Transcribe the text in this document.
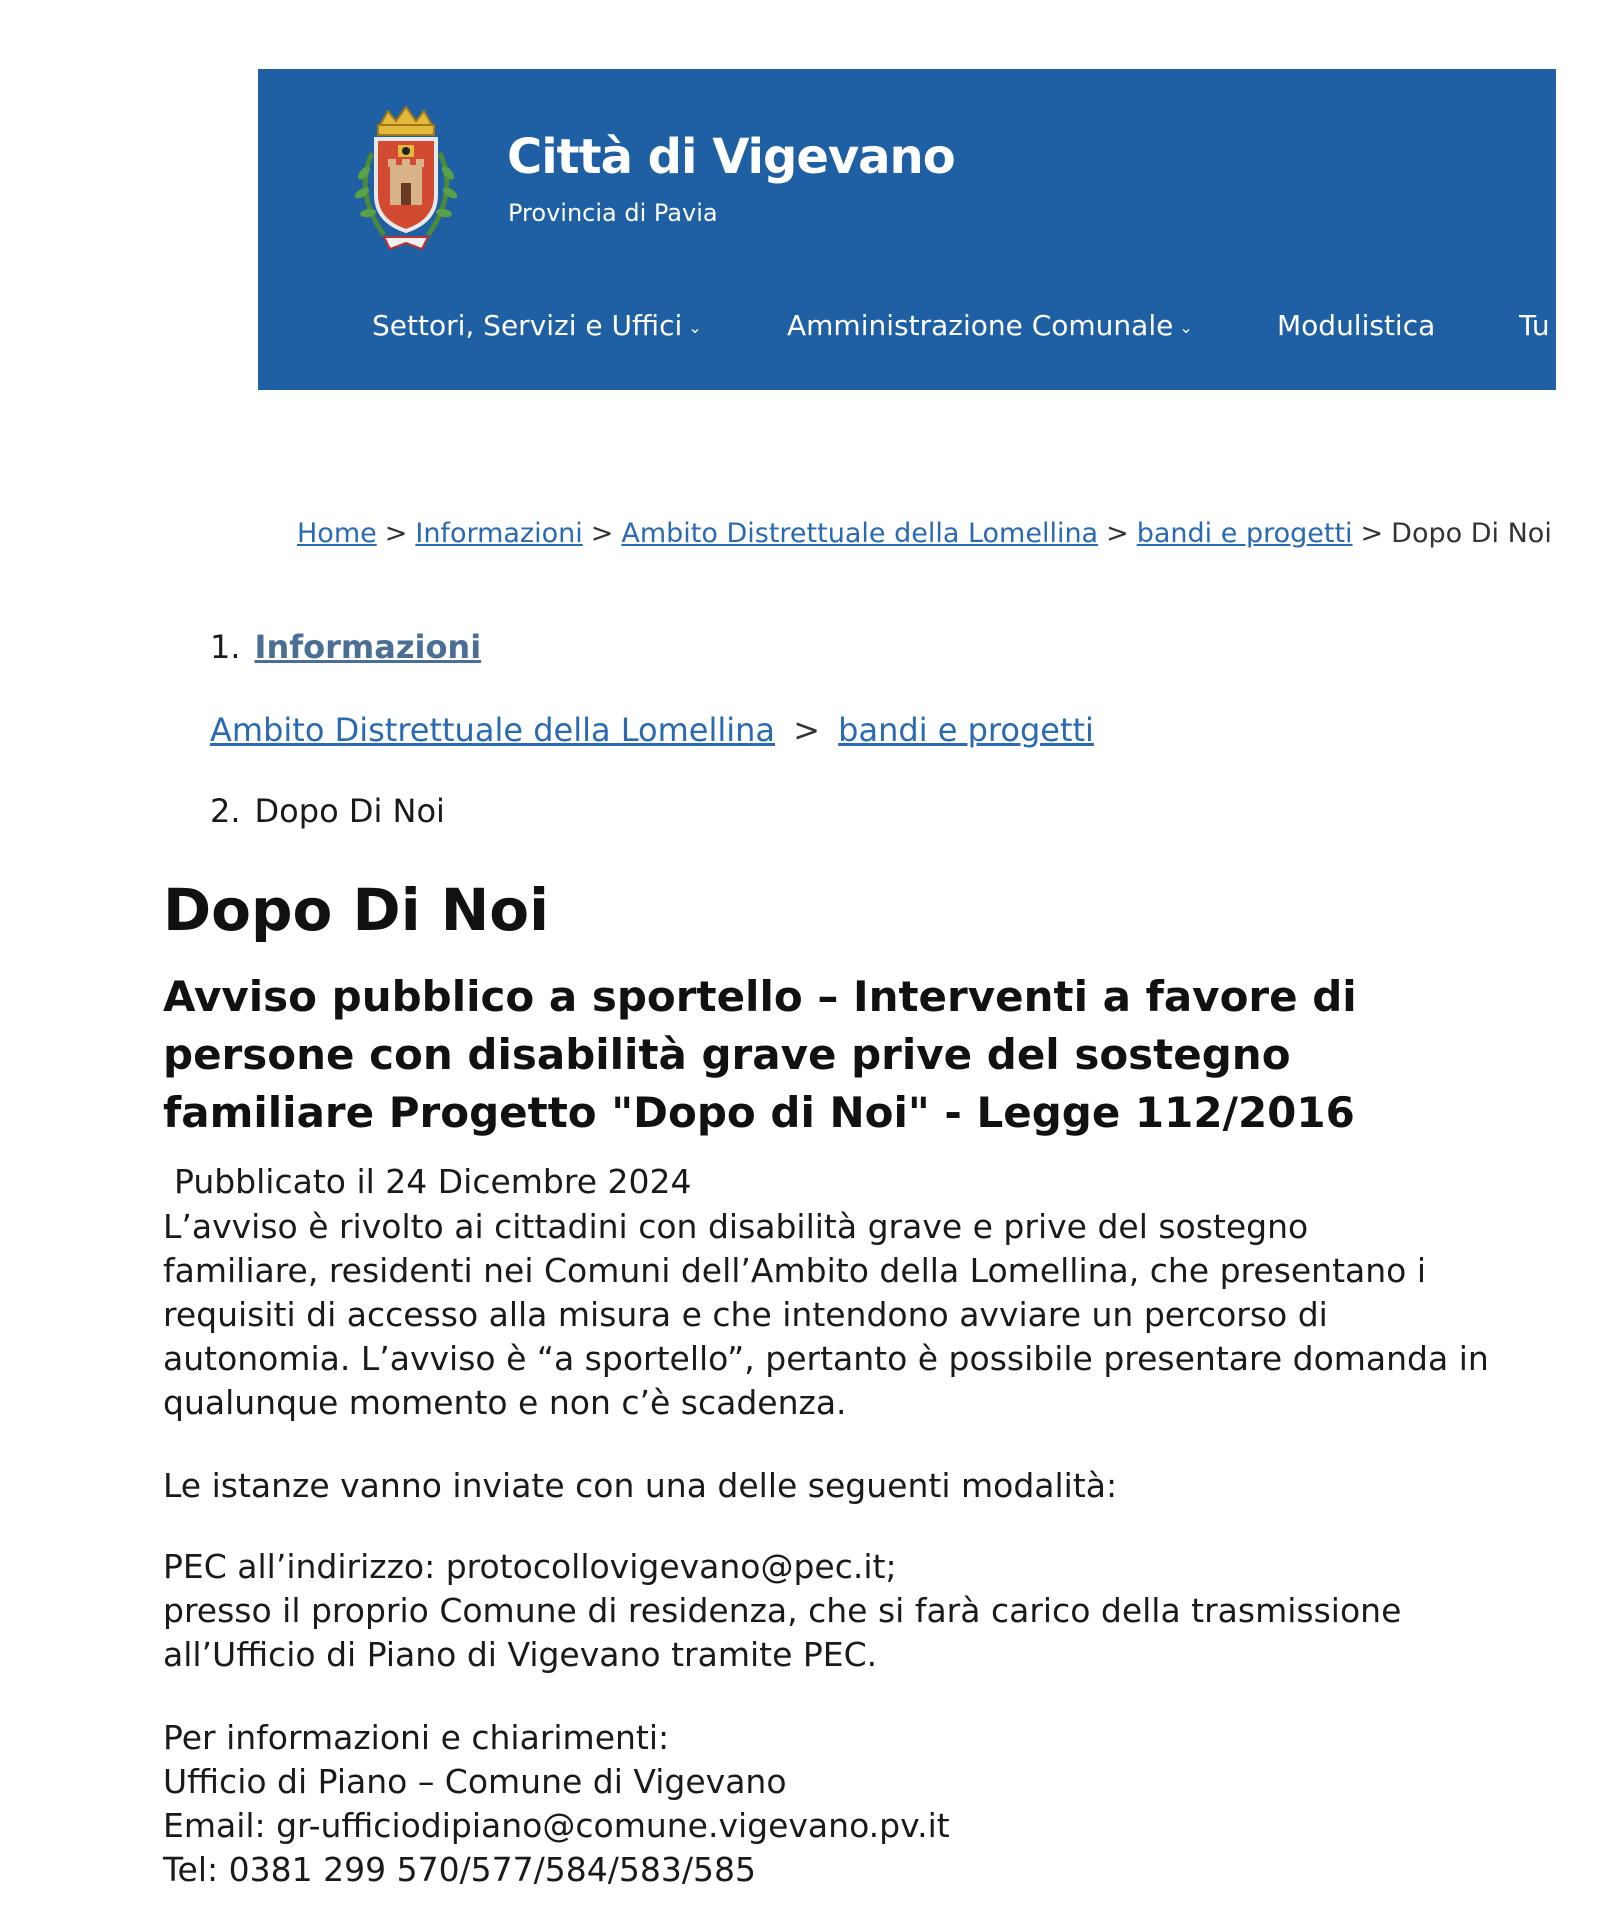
Città di Vigevano
Provincia di Pavia
Settori, Servizi e Uffici ⌄	Amministrazione Comunale ⌄	Modulistica	Tu
Home > Informazioni > Ambito Distrettuale della Lomellina > bandi e progetti > Dopo Di Noi
1. Informazioni
Ambito Distrettuale della Lomellina > bandi e progetti
2. Dopo Di Noi
Dopo Di Noi
Avviso pubblico a sportello – Interventi a favore di persone con disabilità grave prive del sostegno familiare Progetto "Dopo di Noi" - Legge 112/2016
Pubblicato il 24 Dicembre 2024
L’avviso è rivolto ai cittadini con disabilità grave e prive del sostegno
familiare, residenti nei Comuni dell’Ambito della Lomellina, che presentano i
requisiti di accesso alla misura e che intendono avviare un percorso di
autonomia. L’avviso è “a sportello”, pertanto è possibile presentare domanda in
qualunque momento e non c’è scadenza.
Le istanze vanno inviate con una delle seguenti modalità:
PEC all’indirizzo: protocollovigevano@pec.it;
presso il proprio Comune di residenza, che si farà carico della trasmissione
all’Ufficio di Piano di Vigevano tramite PEC.
Per informazioni e chiarimenti:
Ufficio di Piano – Comune di Vigevano
Email: gr-ufficiodipiano@comune.vigevano.pv.it
Tel: 0381 299 570/577/584/583/585
